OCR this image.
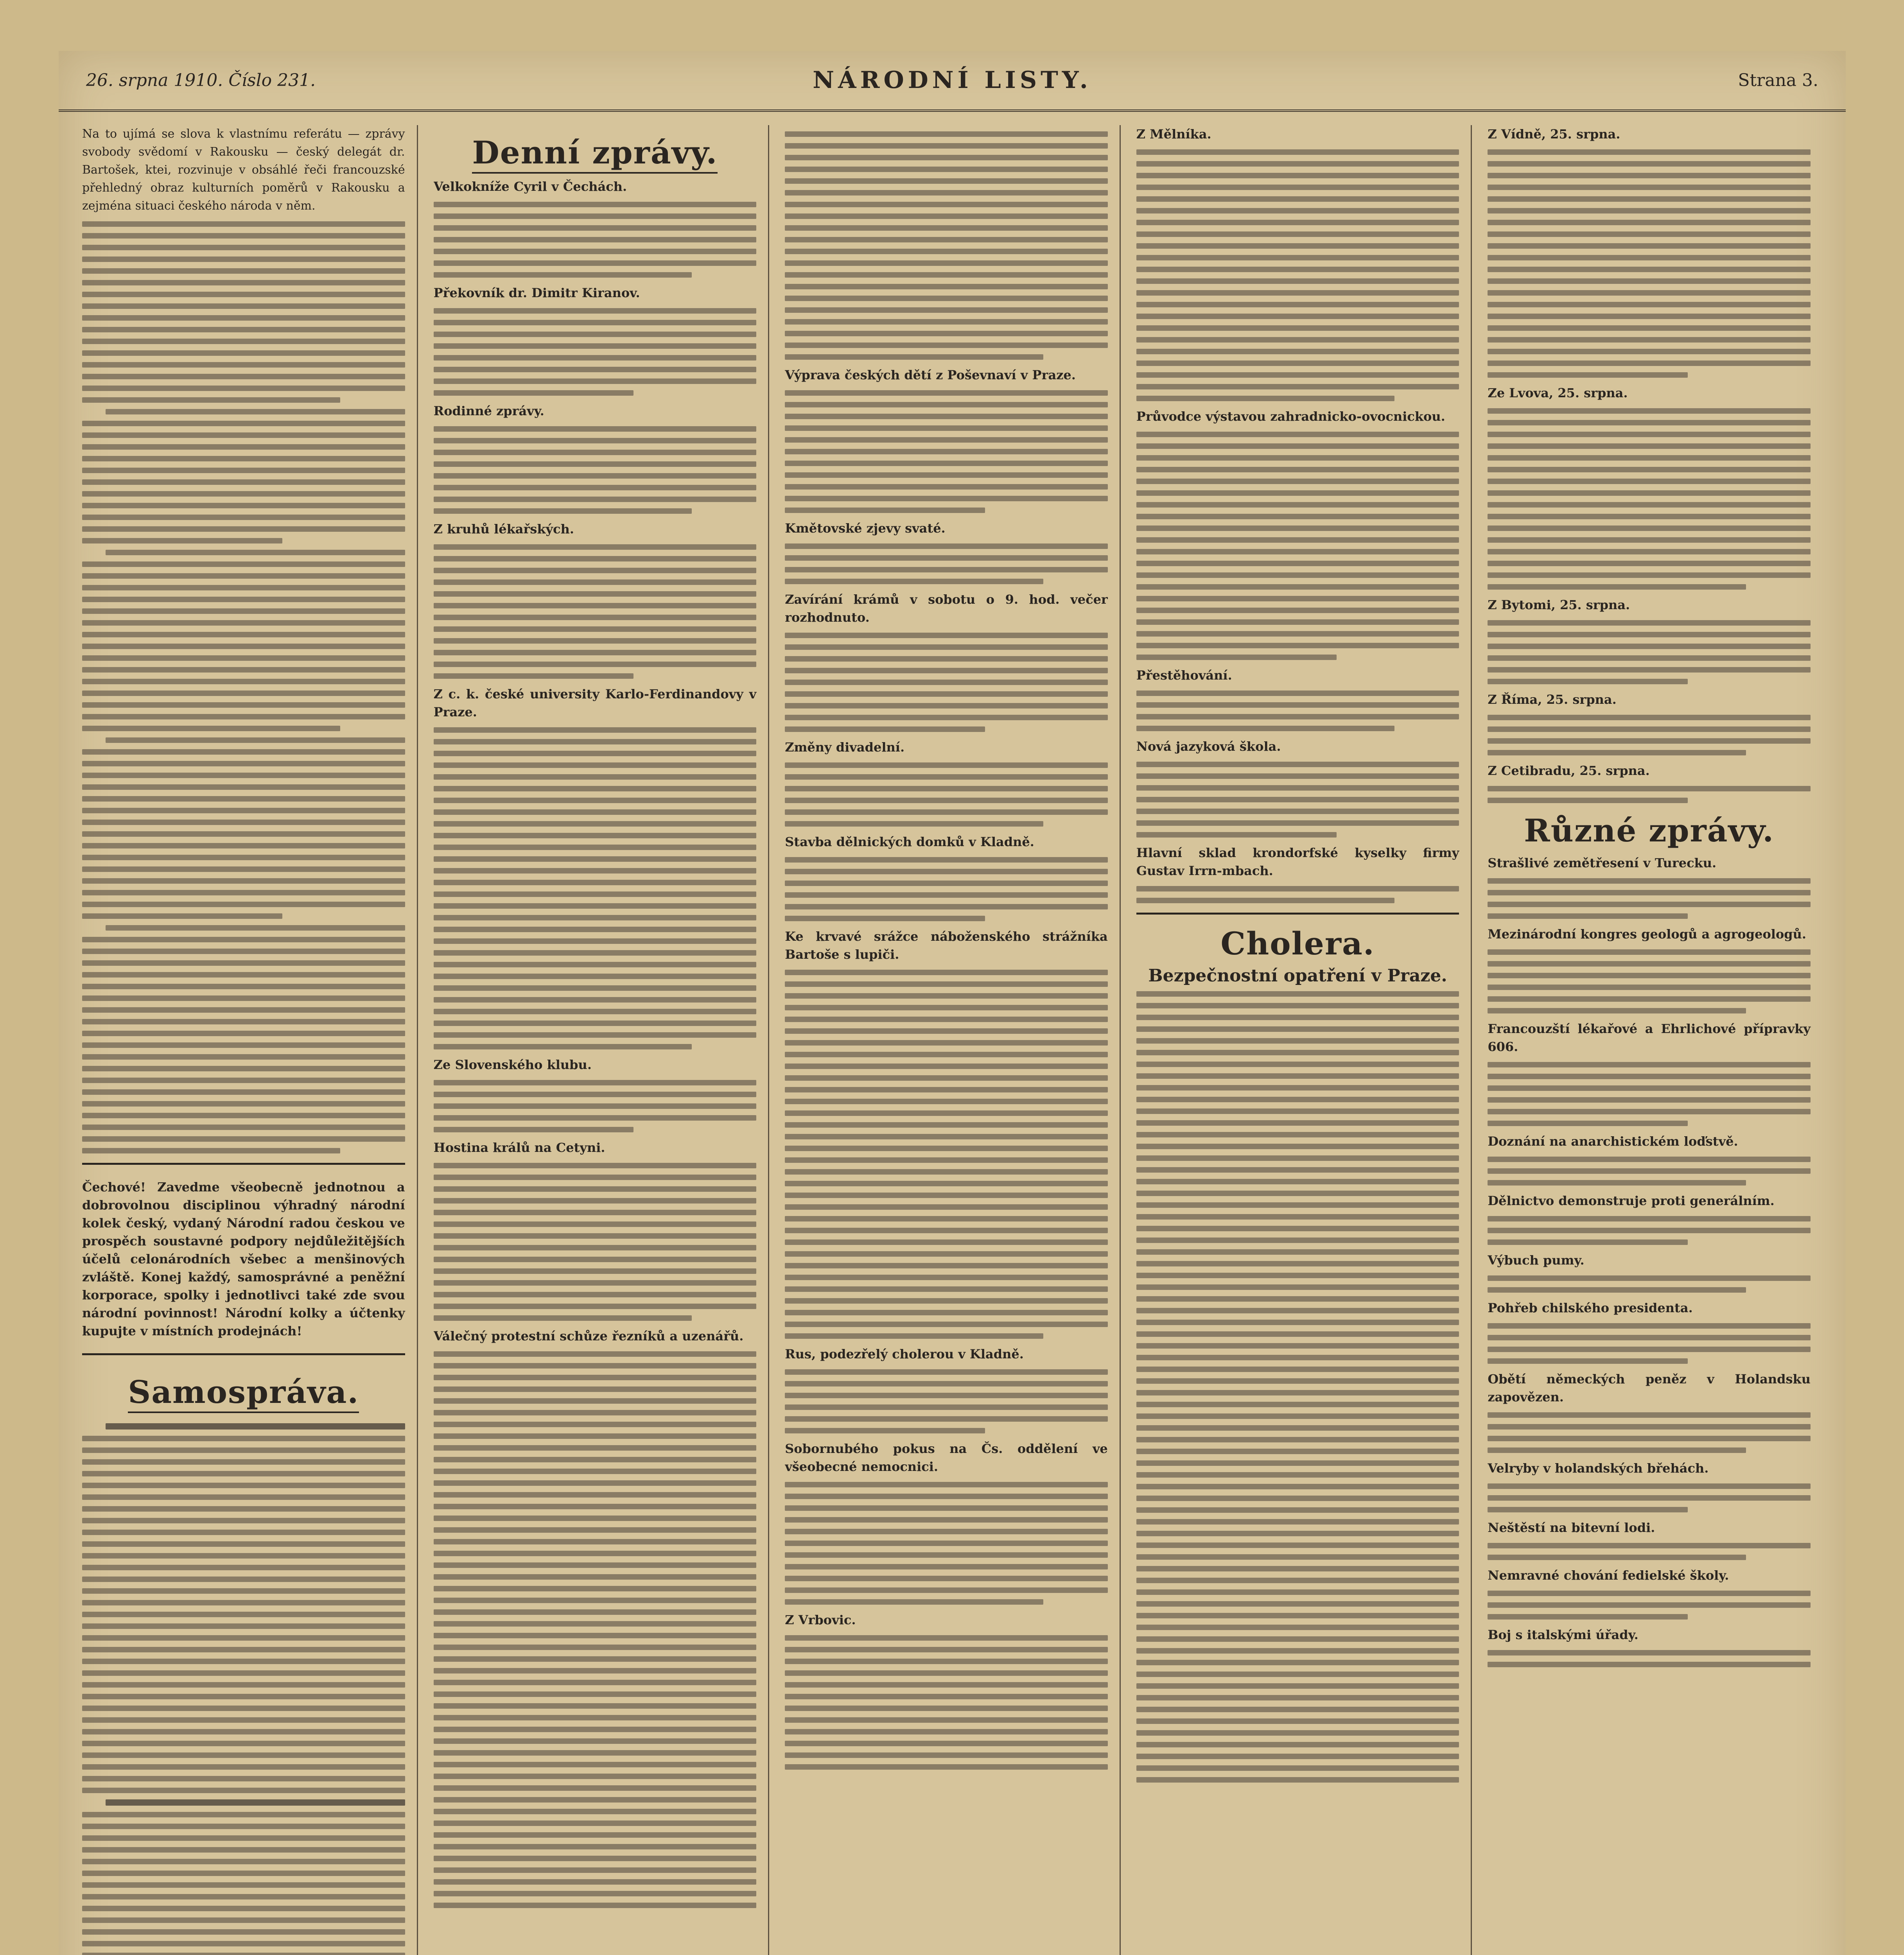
26. srpna 1910. Číslo 231.	NÁRODNÍ LISTY.	Strana 3.
Na to ujímá se slova k vlastnímu referátu — zprávy svobody svědomí v Rakousku — český delegát dr. Bartošek, ktei, rozvinuje v obsáhlé řeči francouzské přehledný obraz kulturních poměrů v Rakousku a zejména situaci českého národa v něm.
Čechové! Zavedme všeobecně jednotnou a dobrovolnou disciplinou výhradný národní kolek český, vydaný Národní radou českou ve prospěch soustavné podpory nejdůležitějších účelů celonárodních všebec a menšinových zvláště. Konej každý, samosprávné a peněžní korporace, spolky i jednotlivci také zde svou národní povinnost! Národní kolky a účtenky kupujte v místních prodejnách!
Samospráva.
Denní zprávy.
Velkokníže Cyril v Čechách.
Překovník dr. Dimitr Kiranov.
Rodinné zprávy.
Z kruhů lékařských.
Z c. k. české university Karlo-Ferdinandovy v Praze.
Ze Slovenského klubu.
Hostina králů na Cetyni.
Válečný protestní schůze řezníků a uzenářů.
Výprava českých dětí z Poševnaví v Praze.
Kmětovské zjevy svaté.
Zavírání krámů v sobotu o 9. hod. večer rozhodnuto.
Změny divadelní.
Stavba dělnických domků v Kladně.
Ke krvavé srážce náboženského strážníka Bartoše s lupiči.
Rus, podezřelý cholerou v Kladně.
Sobornubého pokus na Čs. oddělení ve všeobecné nemocnici.
Z Vrbovic.
Z Mělníka.
Průvodce výstavou zahradnicko-ovocnickou.
Přestěhování.
Nová jazyková škola.
Hlavní sklad krondorfské kyselky firmy Gustav Irrn-mbach.
Cholera.
Bezpečnostní opatření v Praze.
Z Vídně, 25. srpna.
Ze Lvova, 25. srpna.
Z Bytomi, 25. srpna.
Z Říma, 25. srpna.
Z Cetibradu, 25. srpna.
Různé zprávy.
Strašlivé zemětřesení v Turecku.
Mezinárodní kongres geologů a agrogeologů.
Francouzští lékařové a Ehrlichové přípravky 606.
Doznání na anarchistickém loďstvě.
Dělnictvo demonstruje proti generálním.
Výbuch pumy.
Pohřeb chilského presidenta.
Obětí německých peněz v Holandsku zapovězen.
Velryby v holandských břehách.
Neštěstí na bitevní lodi.
Nemravné chování fedielské školy.
Boj s italskými úřady.
